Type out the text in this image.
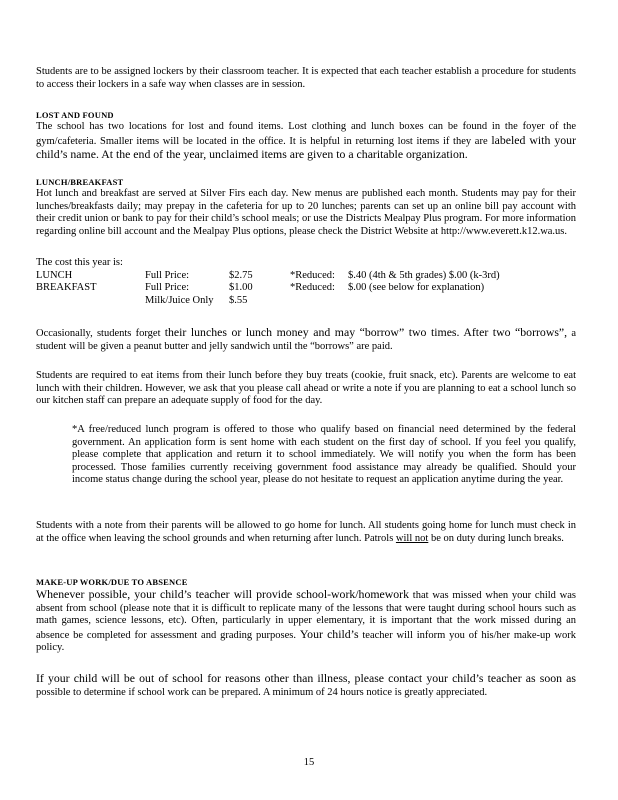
Students are to be assigned lockers by their classroom teacher. It is expected that each teacher establish a procedure for students to access their lockers in a safe way when classes are in session.

LOST AND FOUND

The school has two locations for lost and found items. Lost clothing and lunch boxes can be found in the foyer of the gym/cafeteria. Smaller items will be located in the office. It is helpful in returning lost items if they are labeled with your child’s name. At the end of the year, unclaimed items are given to a charitable organization.

LUNCH/BREAKFAST

Hot lunch and breakfast are served at Silver Firs each day. New menus are published each month. Students may pay for their lunches/breakfasts daily; may prepay in the cafeteria for up to 20 lunches; parents can set up an online bill pay account with their credit union or bank to pay for their child’s school meals; or use the Districts Mealpay Plus program. For more information regarding online bill account and the Mealpay Plus options, please check the District Website at http://www.everett.k12.wa.us.

The cost this year is:

LUNCH	Full Price:	$2.75	*Reduced:	$.40 (4th & 5th grades) $.00 (k-3rd)
BREAKFAST	Full Price:	$1.00	*Reduced:	$.00 (see below for explanation)
	Milk/Juice Only	$.55		

Occasionally, students forget their lunches or lunch money and may “borrow” two times. After two “borrows”, a student will be given a peanut butter and jelly sandwich until the “borrows” are paid.

Students are required to eat items from their lunch before they buy treats (cookie, fruit snack, etc). Parents are welcome to eat lunch with their children. However, we ask that you please call ahead or write a note if you are planning to eat a school lunch so our kitchen staff can prepare an adequate supply of food for the day.

*A free/reduced lunch program is offered to those who qualify based on financial need determined by the federal government. An application form is sent home with each student on the first day of school. If you feel you qualify, please complete that application and return it to school immediately. We will notify you when the form has been processed. Those families currently receiving government food assistance may already be qualified. Should your income status change during the school year, please do not hesitate to request an application anytime during the year.

Students with a note from their parents will be allowed to go home for lunch. All students going home for lunch must check in at the office when leaving the school grounds and when returning after lunch. Patrols will not be on duty during lunch breaks.

MAKE-UP WORK/DUE TO ABSENCE

Whenever possible, your child’s teacher will provide school-work/homework that was missed when your child was absent from school (please note that it is difficult to replicate many of the lessons that were taught during school hours such as math games, science lessons, etc). Often, particularly in upper elementary, it is important that the work missed during an absence be completed for assessment and grading purposes. Your child’s teacher will inform you of his/her make-up work policy.

If your child will be out of school for reasons other than illness, please contact your child’s teacher as soon as possible to determine if school work can be prepared. A minimum of 24 hours notice is greatly appreciated.

15
